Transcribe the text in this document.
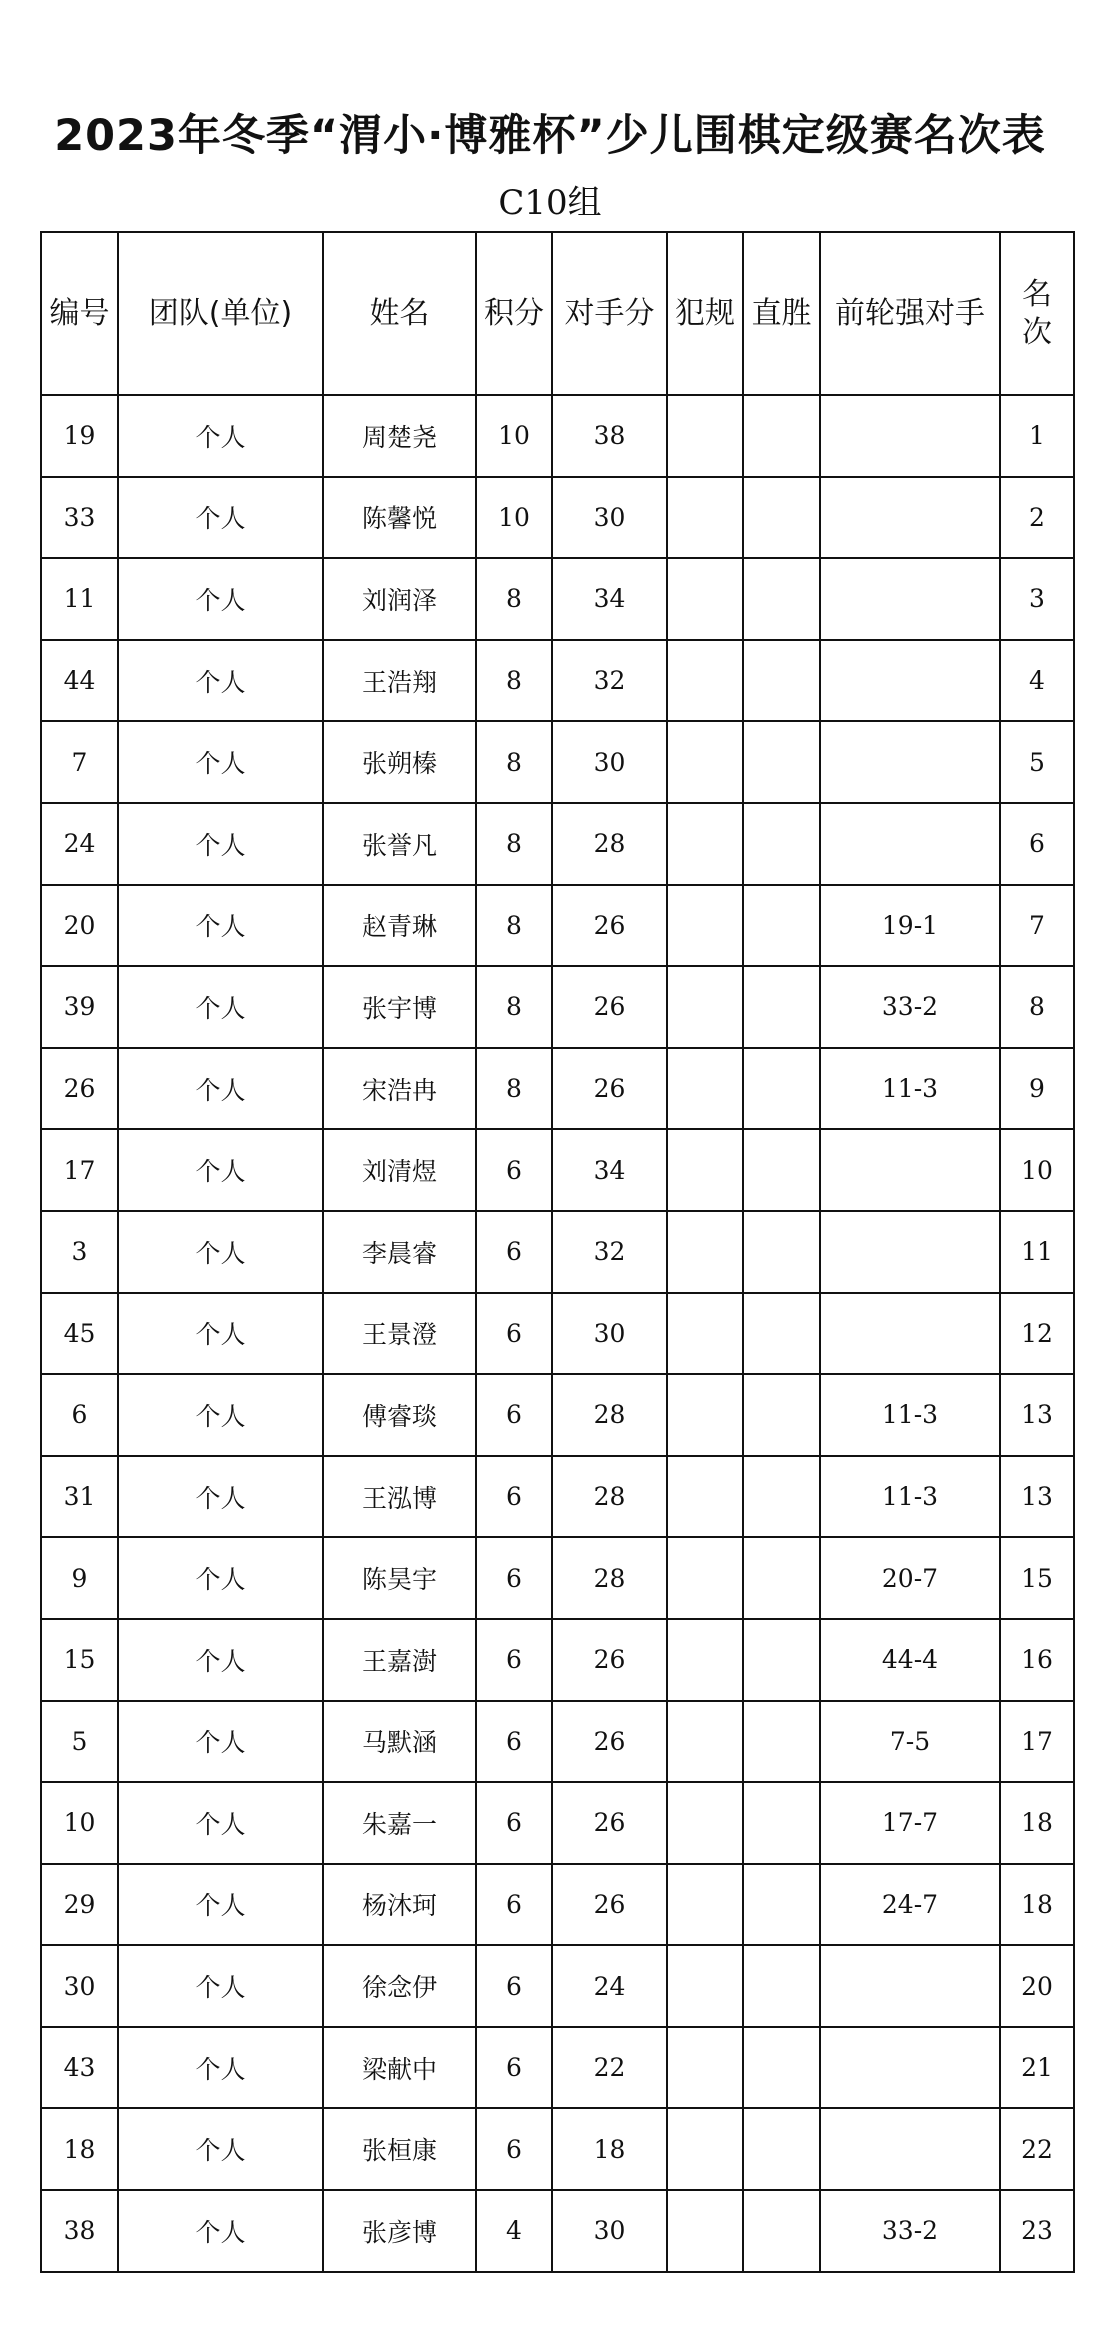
2023年冬季“渭小·博雅杯”少儿围棋定级赛名次表
C10组
编号	团队(单位)	姓名	积分	对手分	犯规	直胜	前轮强对手	名
次

19	个人	周楚尧	10	38				1
33	个人	陈馨悦	10	30				2
11	个人	刘润泽	8	34				3
44	个人	王浩翔	8	32				4
7	个人	张朔榛	8	30				5
24	个人	张誉凡	8	28				6
20	个人	赵青琳	8	26			19-1	7
39	个人	张宇博	8	26			33-2	8
26	个人	宋浩冉	8	26			11-3	9
17	个人	刘清煜	6	34				10
3	个人	李晨睿	6	32				11
45	个人	王景澄	6	30				12
6	个人	傅睿琰	6	28			11-3	13
31	个人	王泓博	6	28			11-3	13
9	个人	陈昊宇	6	28			20-7	15
15	个人	王嘉澍	6	26			44-4	16
5	个人	马默涵	6	26			7-5	17
10	个人	朱嘉一	6	26			17-7	18
29	个人	杨沐珂	6	26			24-7	18
30	个人	徐念伊	6	24				20
43	个人	梁献中	6	22				21
18	个人	张桓康	6	18				22
38	个人	张彦博	4	30			33-2	23
